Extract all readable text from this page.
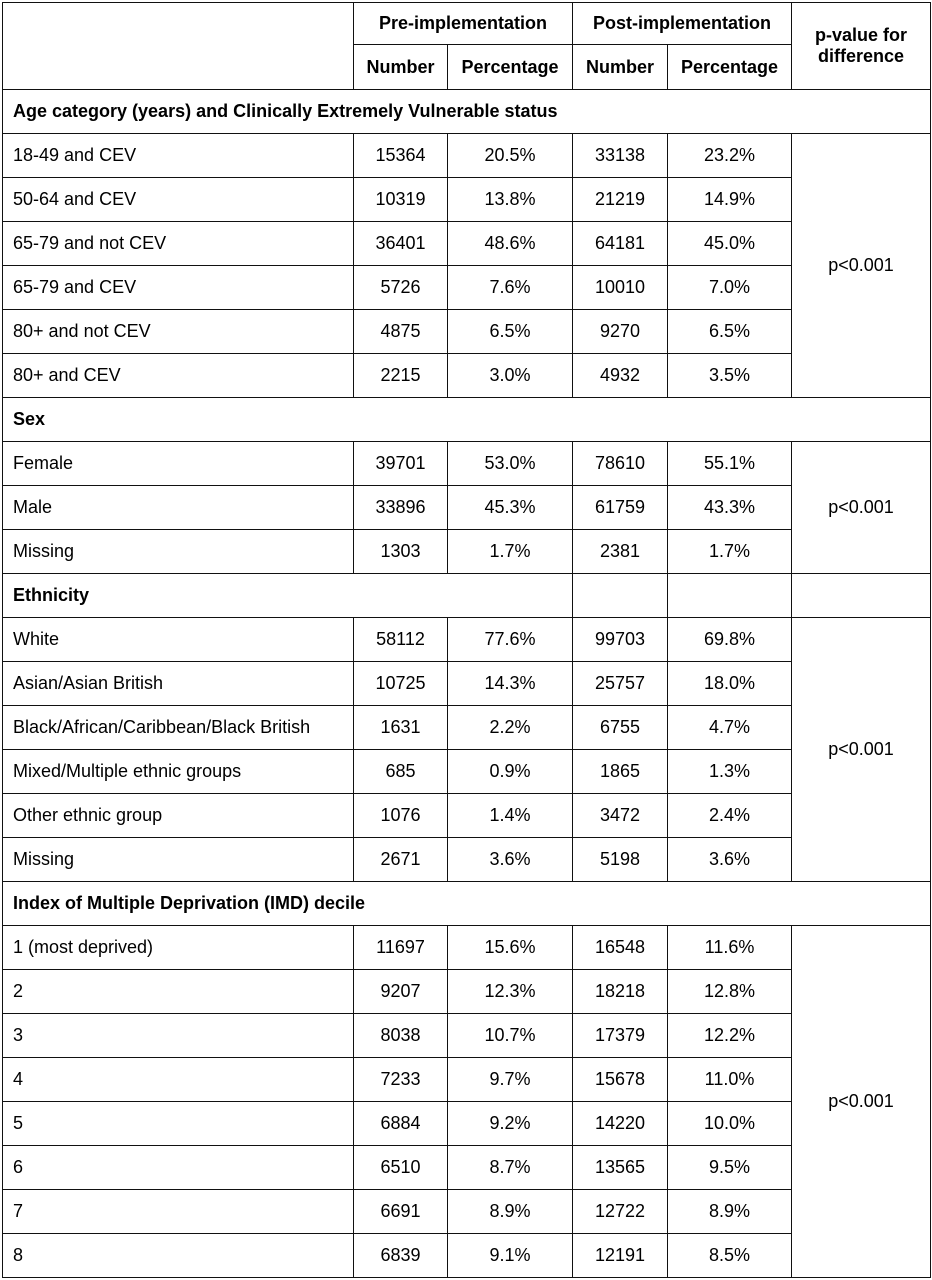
	Pre-implementation		Post-implementation		p-value for difference
	Number	Percentage	Number	Percentage	
Age category (years) and Clinically Extremely Vulnerable status					
18-49 and CEV	15364	20.5%	33138	23.2%	p<0.001
50-64 and CEV	10319	13.8%	21219	14.9%	
65-79 and not CEV	36401	48.6%	64181	45.0%	
65-79 and CEV	5726	7.6%	10010	7.0%	
80+ and not CEV	4875	6.5%	9270	6.5%	
80+ and CEV	2215	3.0%	4932	3.5%	
Sex					
Female	39701	53.0%	78610	55.1%	p<0.001
Male	33896	45.3%	61759	43.3%	
Missing	1303	1.7%	2381	1.7%	
Ethnicity					
White	58112	77.6%	99703	69.8%	p<0.001
Asian/Asian British	10725	14.3%	25757	18.0%	
Black/African/Caribbean/Black British	1631	2.2%	6755	4.7%	
Mixed/Multiple ethnic groups	685	0.9%	1865	1.3%	
Other ethnic group	1076	1.4%	3472	2.4%	
Missing	2671	3.6%	5198	3.6%	
Index of Multiple Deprivation (IMD) decile					
1 (most deprived)	11697	15.6%	16548	11.6%	p<0.001
2	9207	12.3%	18218	12.8%	
3	8038	10.7%	17379	12.2%	
4	7233	9.7%	15678	11.0%	
5	6884	9.2%	14220	10.0%	
6	6510	8.7%	13565	9.5%	
7	6691	8.9%	12722	8.9%	
8	6839	9.1%	12191	8.5%	
